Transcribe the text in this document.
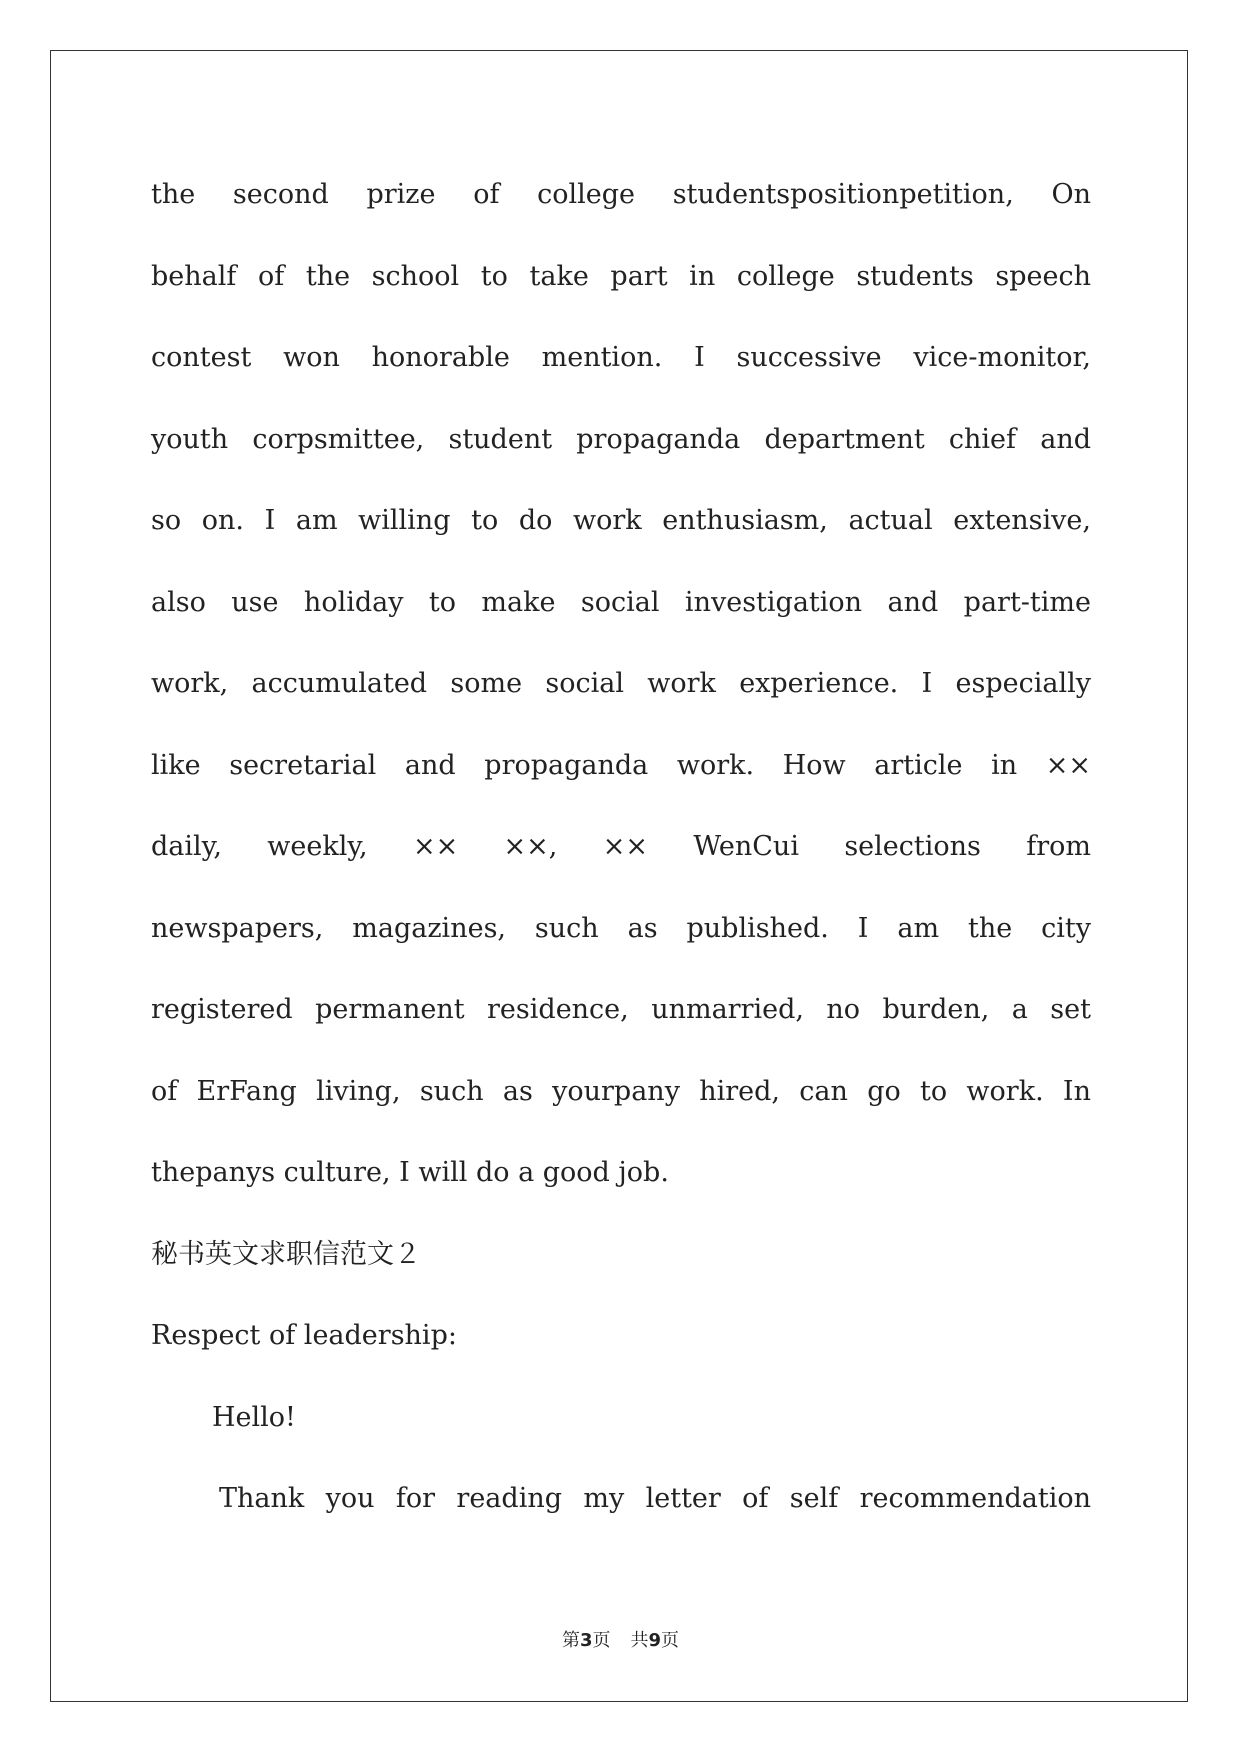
the second prize of college studentspositionpetition, On
behalf of the school to take part in college students speech
contest won honorable mention. I successive vice-monitor,
youth corpsmittee, student propaganda department chief and
so on. I am willing to do work enthusiasm, actual extensive,
also use holiday to make social investigation and part-time
work, accumulated some social work experience. I especially
like secretarial and propaganda work. How article in ××
daily, weekly, ×× ××, ×× WenCui selections from
newspapers, magazines, such as published. I am the city
registered permanent residence, unmarried, no burden, a set
of ErFang living, such as yourpany hired, can go to work. In
thepanys culture, I will do a good job.
秘书英文求职信范文２
Respect of leadership:
Hello!
Thank you for reading my letter of self recommendation
第3页 共9页
